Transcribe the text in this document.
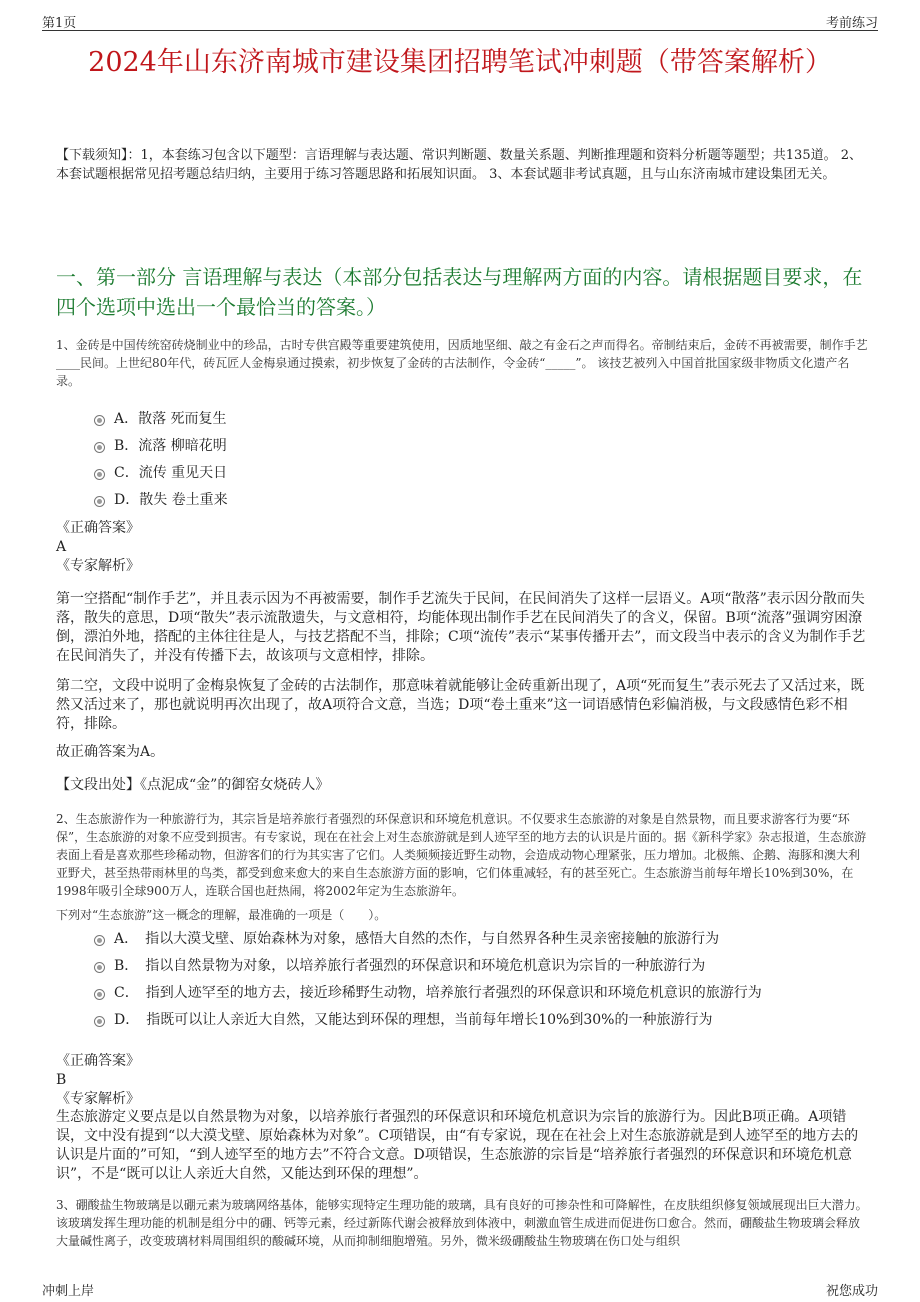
第1页	考前练习
2024年山东济南城市建设集团招聘笔试冲刺题（带答案解析）
【下载须知】：1，本套练习包含以下题型：言语理解与表达题、常识判断题、数量关系题、判断推理题和资料分析题等题型；共135道。 2、本套试题根据常见招考题总结归纳，主要用于练习答题思路和拓展知识面。 3、本套试题非考试真题，且与山东济南城市建设集团无关。
一、第一部分 言语理解与表达（本部分包括表达与理解两方面的内容。请根据题目要求，在四个选项中选出一个最恰当的答案。）
1、金砖是中国传统窑砖烧制业中的珍品，古时专供宫殿等重要建筑使用，因质地坚细、敲之有金石之声而得名。帝制结束后，金砖不再被需要，制作手艺 ____民间。上世纪80年代，砖瓦匠人金梅泉通过摸索，初步恢复了金砖的古法制作，令金砖“_____”。 该技艺被列入中国首批国家级非物质文化遗产名录。
A．散落 死而复生
B．流落 柳暗花明
C．流传 重见天日
D．散失 卷土重来
《正确答案》
A
《专家解析》
第一空搭配“制作手艺”，并且表示因为不再被需要，制作手艺流失于民间，在民间消失了这样一层语义。A项“散落”表示因分散而失落，散失的意思，D项“散失”表示流散遗失，与文意相符，均能体现出制作手艺在民间消失了的含义，保留。B项“流落”强调穷困潦倒，漂泊外地，搭配的主体往往是人，与技艺搭配不当，排除；C项“流传”表示“某事传播开去”，而文段当中表示的含义为制作手艺在民间消失了，并没有传播下去，故该项与文意相悖，排除。
第二空，文段中说明了金梅泉恢复了金砖的古法制作，那意味着就能够让金砖重新出现了，A项“死而复生”表示死去了又活过来，既然又活过来了，那也就说明再次出现了，故A项符合文意，当选；D项“卷土重来”这一词语感情色彩偏消极，与文段感情色彩不相符，排除。
故正确答案为A。
【文段出处】《点泥成“金”的御窑女烧砖人》
2、生态旅游作为一种旅游行为，其宗旨是培养旅行者强烈的环保意识和环境危机意识。不仅要求生态旅游的对象是自然景物，而且要求游客行为要“环保”，生态旅游的对象不应受到损害。有专家说，现在在社会上对生态旅游就是到人迹罕至的地方去的认识是片面的。据《新科学家》杂志报道，生态旅游表面上看是喜欢那些珍稀动物，但游客们的行为其实害了它们。人类频频接近野生动物，会造成动物心理紧张，压力增加。北极熊、企鹅、海豚和澳大利亚野犬，甚至热带雨林里的鸟类，都受到愈来愈大的来自生态旅游方面的影响，它们体重减轻，有的甚至死亡。生态旅游当前每年增长10%到30%，在1998年吸引全球900万人，连联合国也赶热闹，将2002年定为生态旅游年。
下列对“生态旅游”这一概念的理解，最准确的一项是（　　）。
A．　指以大漠戈壁、原始森林为对象，感悟大自然的杰作，与自然界各种生灵亲密接触的旅游行为
B．　指以自然景物为对象，以培养旅行者强烈的环保意识和环境危机意识为宗旨的一种旅游行为
C．　指到人迹罕至的地方去，接近珍稀野生动物，培养旅行者强烈的环保意识和环境危机意识的旅游行为
D．　指既可以让人亲近大自然，又能达到环保的理想，当前每年增长10%到30%的一种旅游行为
《正确答案》
B
《专家解析》
生态旅游定义要点是以自然景物为对象，以培养旅行者强烈的环保意识和环境危机意识为宗旨的旅游行为。因此B项正确。A项错误，文中没有提到“以大漠戈壁、原始森林为对象”。C项错误，由“有专家说，现在在社会上对生态旅游就是到人迹罕至的地方去的认识是片面的”可知，“到人迹罕至的地方去”不符合文意。D项错误，生态旅游的宗旨是“培养旅行者强烈的环保意识和环境危机意识”，不是“既可以让人亲近大自然，又能达到环保的理想”。
3、硼酸盐生物玻璃是以硼元素为玻璃网络基体，能够实现特定生理功能的玻璃，具有良好的可掺杂性和可降解性，在皮肤组织修复领域展现出巨大潜力。该玻璃发挥生理功能的机制是组分中的硼、钙等元素，经过新陈代谢会被释放到体液中，刺激血管生成进而促进伤口愈合。然而，硼酸盐生物玻璃会释放大量碱性离子，改变玻璃材料周围组织的酸碱环境，从而抑制细胞增殖。另外，微米级硼酸盐生物玻璃在伤口处与组织
冲刺上岸	祝您成功
